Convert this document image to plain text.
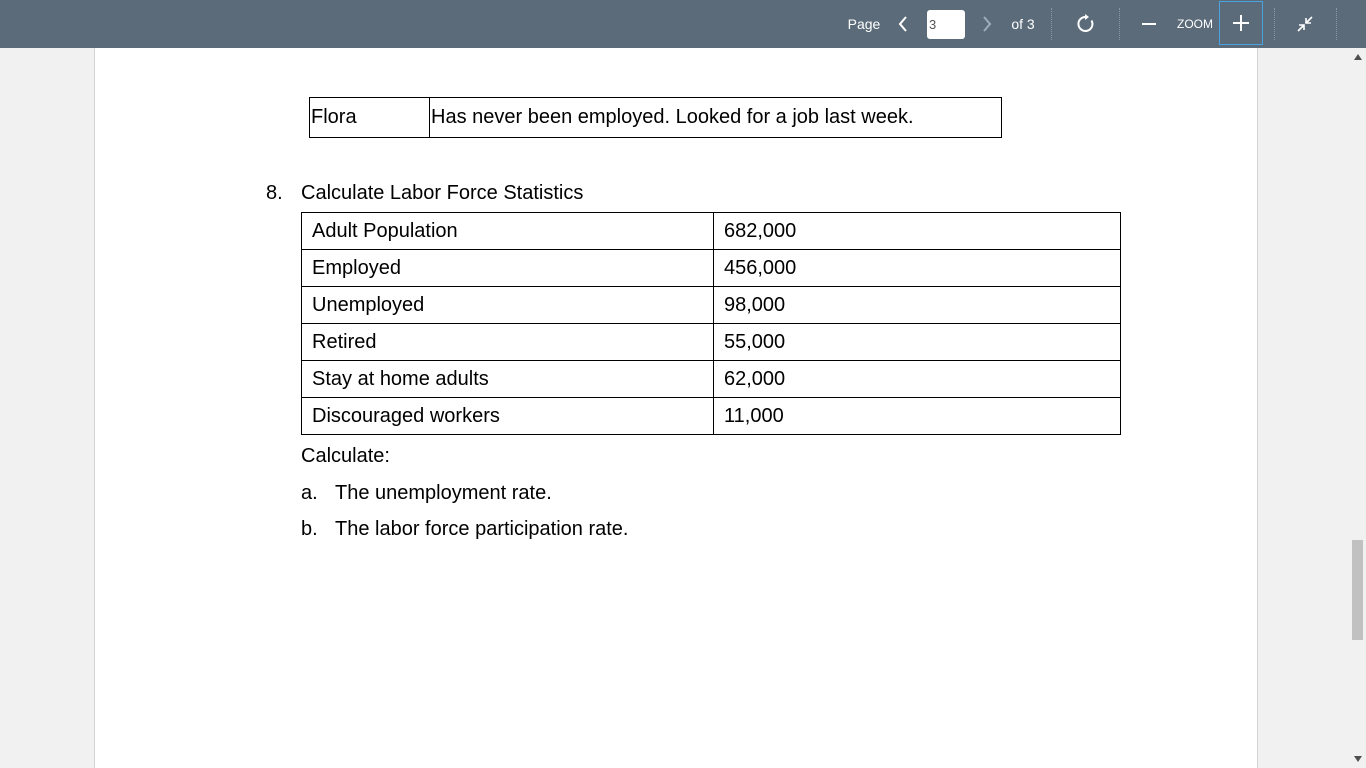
Page
3	of 3	ZOOM
Flora	Has never been employed. Looked for a job last week.
8. Calculate Labor Force Statistics
Adult Population	682,000
Employed	456,000
Unemployed	98,000
Retired	55,000
Stay at home adults	62,000
Discouraged workers	11,000
Calculate:
a. The unemployment rate.
b. The labor force participation rate.
